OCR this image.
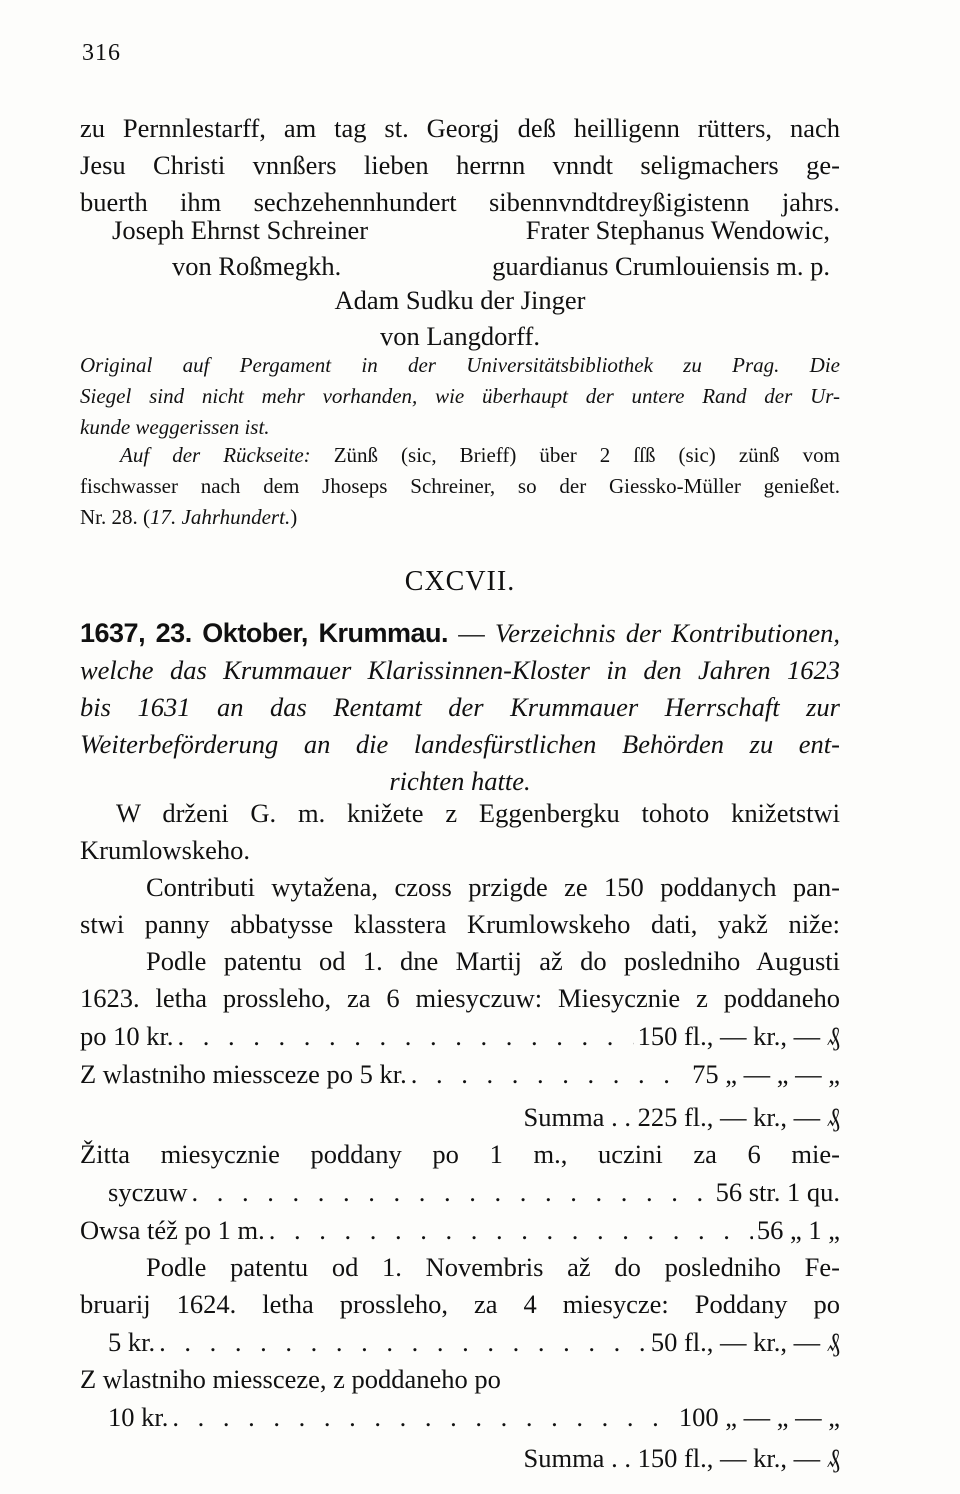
316
zu Pernnlestarff, am tag st. Georgj deß heilligenn rütters, nach
Jesu Christi vnnßers lieben herrnn vnndt seligmachers ge-
buerth ihm sechzehennhundert sibennvndtdreyßigistenn jahrs.
Joseph Ehrnst Schreiner	Frater Stephanus Wendowic,
von Roßmegkh.	guardianus Crumlouiensis m. p.
Adam Sudku der Jinger
von Langdorff.
Original auf Pergament in der Universitätsbibliothek zu Prag. Die
Siegel sind nicht mehr vorhanden, wie überhaupt der untere Rand der Ur-
kunde weggerissen ist.
Auf der Rückseite: Zünß (sic, Brieff) über 2 ſſß (sic) zünß vom
fischwasser nach dem Jhoseps Schreiner, so der Giessko-Müller genießet.
Nr. 28. (17. Jahrhundert.)
CXCVII.
1637, 23. Oktober, Krummau. — Verzeichnis der Kontributionen,
welche das Krummauer Klarissinnen-Kloster in den Jahren 1623
bis 1631 an das Rentamt der Krummauer Herrschaft zur
Weiterbeförderung an die landesfürstlichen Behörden zu ent-
richten hatte.
W drženi G. m. knižete z Eggenbergku tohoto knižetstwi
Krumlowskeho.
Contributi wytažena, czoss przigde ze 150 poddanych pan-
stwi panny abbatysse klasstera Krumlowskeho dati, yakž niže:
Podle patentu od 1. dne Martij až do posledniho Augusti
1623. letha prossleho, za 6 miesyczuw: Miesycznie z poddaneho
po 10 kr. . . .	150 fl., — kr., — ₰
Z wlastniho miessceze po 5 kr. . . .	75 „ — „ — „
Summa . . 225 fl., — kr., — ₰
Žitta miesycznie poddany po 1 m., uczini za 6 mie-
syczuw . . .	56 str. 1 qu.
Owsa též po 1 m. . . .	56 „ 1 „
Podle patentu od 1. Novembris až do posledniho Fe-
bruarij 1624. letha prossleho, za 4 miesycze: Poddany po
5 kr. . . .	50 fl., — kr., — ₰
Z wlastniho miessceze, z poddaneho po
10 kr. . . .	100 „ — „ — „
Summa . . 150 fl., — kr., — ₰
